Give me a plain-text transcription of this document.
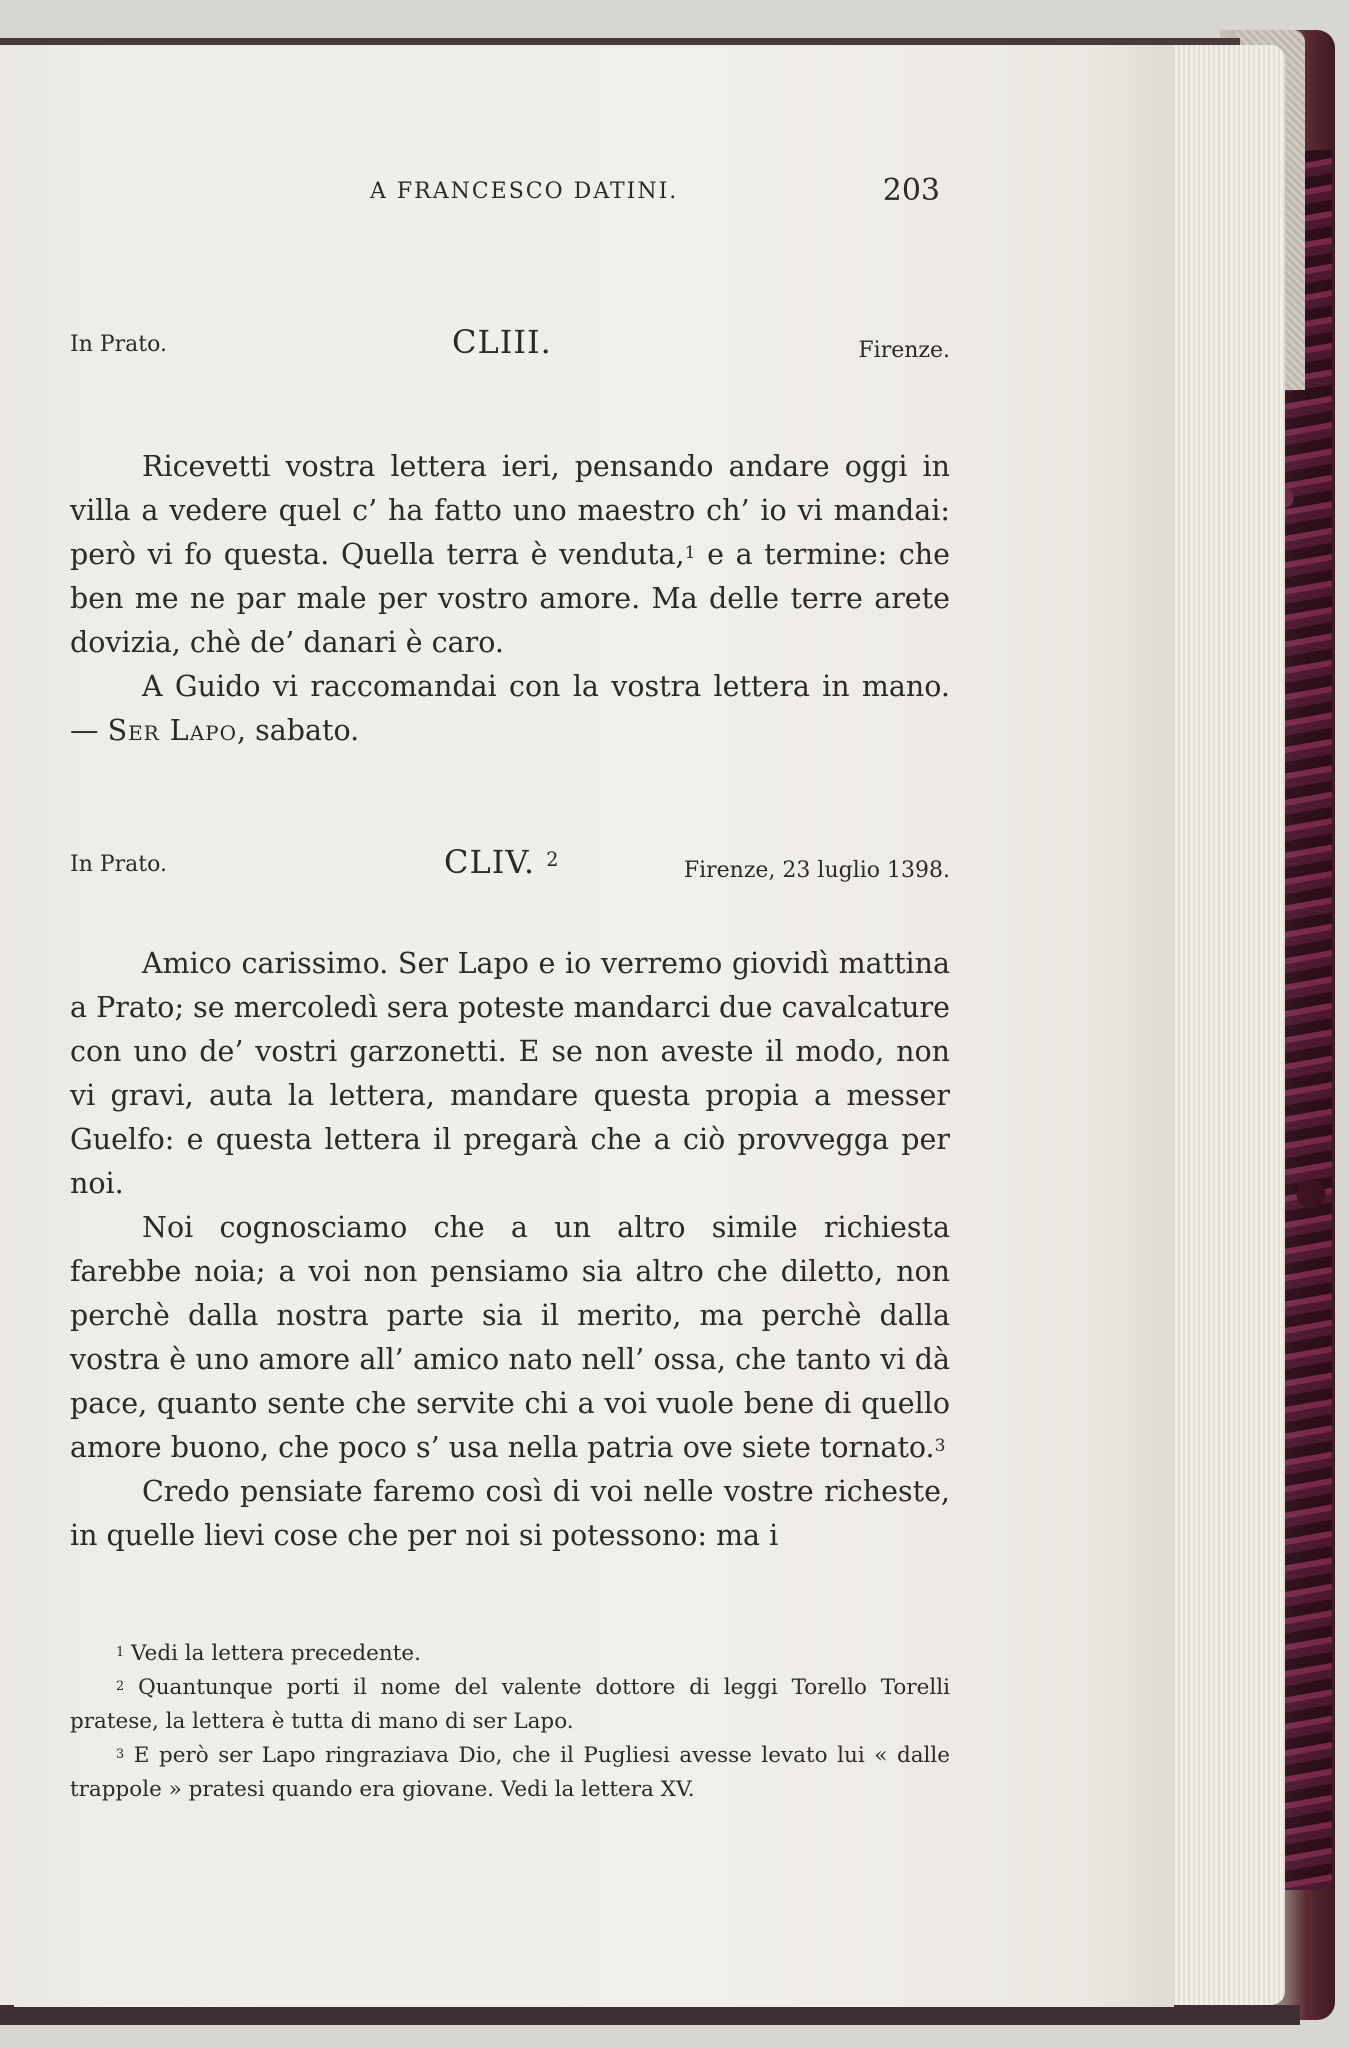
A FRANCESCO DATINI.	203
In Prato.	CLIII.	Firenze.

Ricevetti vostra lettera ieri, pensando andare oggi in villa a vedere quel c’ ha fatto uno maestro ch’ io vi mandai: però vi fo questa. Quella terra è venduta,$^1$ e a termine: che ben me ne par male per vostro amore. Ma delle terre arete dovizia, chè de’ danari è caro.

A Guido vi raccomandai con la vostra lettera in mano. — Ser Lapo, sabato.

In Prato.	CLIV. $^2$	Firenze, 23 luglio 1398.

Amico carissimo. Ser Lapo e io verremo giovidì mattina a Prato; se mercoledì sera poteste mandarci due cavalcature con uno de’ vostri garzonetti. E se non aveste il modo, non vi gravi, auta la lettera, mandare questa propia a messer Guelfo: e questa lettera il pregarà che a ciò provvegga per noi.

Noi cognosciamo che a un altro simile richiesta farebbe noia; a voi non pensiamo sia altro che diletto, non perchè dalla nostra parte sia il merito, ma perchè dalla vostra è uno amore all’ amico nato nell’ ossa, che tanto vi dà pace, quanto sente che servite chi a voi vuole bene di quello amore buono, che poco s’ usa nella patria ove siete tornato.$^3$

Credo pensiate faremo così di voi nelle vostre richeste, in quelle lievi cose che per noi si potessono: ma i

$^1$ Vedi la lettera precedente.

$^2$ Quantunque porti il nome del valente dottore di leggi Torello Torelli pratese, la lettera è tutta di mano di ser Lapo.

$^3$ E però ser Lapo ringraziava Dio, che il Pugliesi avesse levato lui « dalle trappole » pratesi quando era giovane. Vedi la lettera XV.
